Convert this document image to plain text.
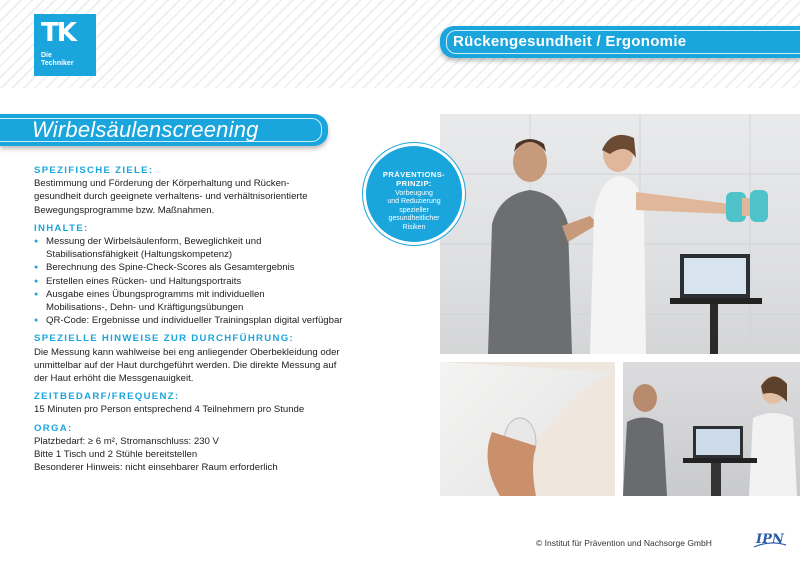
TK
Die
Techniker
Rückengesundheit / Ergonomie
Wirbelsäulenscreening
SPEZIFISCHE ZIELE:
Bestimmung und Förderung der Körperhaltung und Rücken-
gesundheit durch geeignete verhaltens- und verhältnisorientierte
Bewegungsprogramme bzw. Maßnahmen.
INHALTE:
● Messung der Wirbelsäulenform, Beweglichkeit und
Stabilisationsfähigkeit (Haltungskompetenz)
● Berechnung des Spine-Check-Scores als Gesamtergebnis
● Erstellen eines Rücken- und Haltungsportraits
● Ausgabe eines Übungsprogramms mit individuellen
Mobilisations-, Dehn- und Kräftigungsübungen
● QR-Code: Ergebnisse und individueller Trainingsplan digital verfügbar
SPEZIELLE HINWEISE ZUR DURCHFÜHRUNG:
Die Messung kann wahlweise bei eng anliegender Oberbekleidung oder
unmittelbar auf der Haut durchgeführt werden. Die direkte Messung auf
der Haut erhöht die Messgenauigkeit.
ZEITBEDARF/FREQUENZ:
15 Minuten pro Person entsprechend 4 Teilnehmern pro Stunde
ORGA:
Platzbedarf: ≥ 6 m², Stromanschluss: 230 V
Bitte 1 Tisch und 2 Stühle bereitstellen
Besonderer Hinweis: nicht einsehbarer Raum erforderlich
PRÄVENTIONS-
PRINZIP:
Vorbeugung
und Reduzierung
spezieller
gesundheitlicher
Risiken
© Institut für Prävention und Nachsorge GmbH	IPN
